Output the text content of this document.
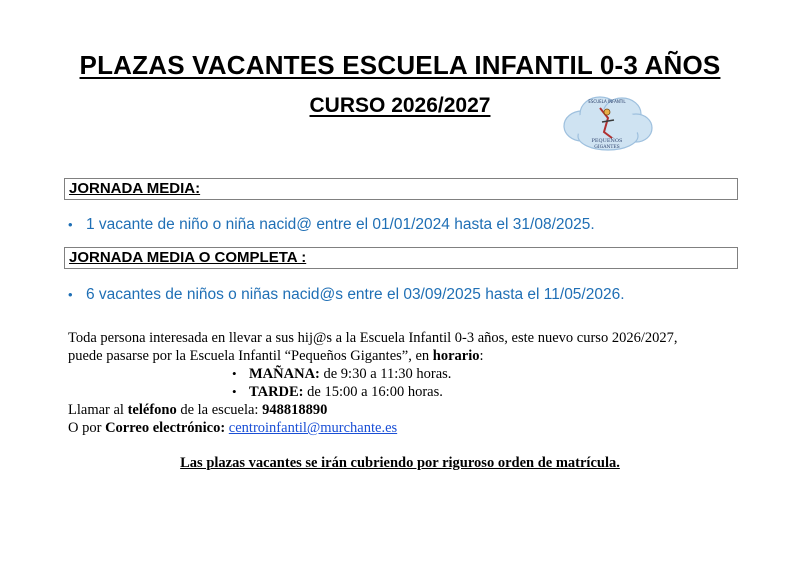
PLAZAS VACANTES ESCUELA INFANTIL 0-3 AÑOS
CURSO 2026/2027	ESCUELA INFANTIL
PEQUEÑOS
GIGANTES
JORNADA MEDIA:
• 1 vacante de niño o niña nacid@ entre el 01/01/2024 hasta el 31/08/2025.
JORNADA MEDIA O COMPLETA :
• 6 vacantes de niños o niñas nacid@s entre el 03/09/2025 hasta el 11/05/2026.
Toda persona interesada en llevar a sus hij@s a la Escuela Infantil 0-3 años, este nuevo curso 2026/2027,
puede pasarse por la Escuela Infantil “Pequeños Gigantes”, en horario:
• MAÑANA: de 9:30 a 11:30 horas.
• TARDE: de 15:00 a 16:00 horas.
Llamar al teléfono de la escuela: 948818890
O por Correo electrónico: centroinfantil@murchante.es
Las plazas vacantes se irán cubriendo por riguroso orden de matrícula.
